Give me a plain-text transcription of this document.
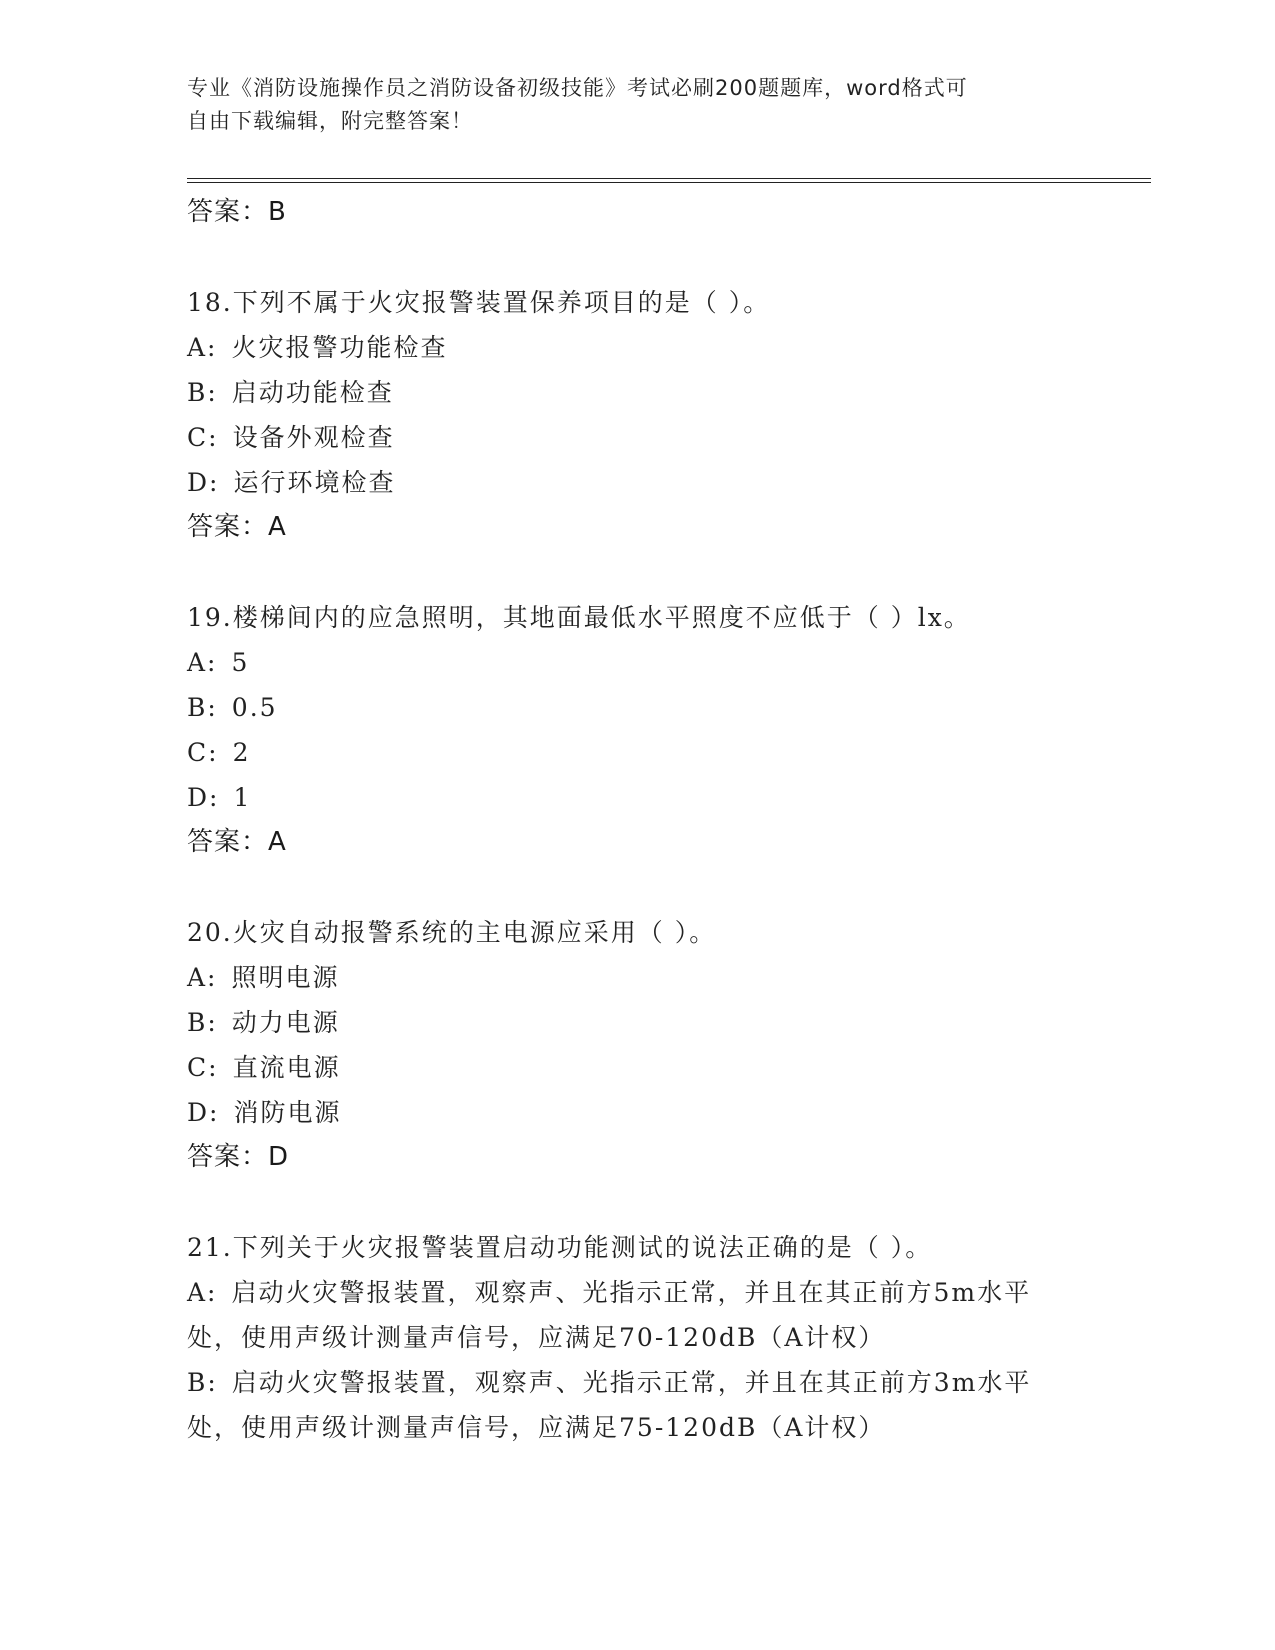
专业《消防设施操作员之消防设备初级技能》考试必刷200题题库，word格式可
自由下载编辑，附完整答案！
答案：B
18.下列不属于火灾报警装置保养项目的是（ ）。
A: 火灾报警功能检查
B: 启动功能检查
C: 设备外观检查
D: 运行环境检查
答案：A
19.楼梯间内的应急照明，其地面最低水平照度不应低于（ ）lx。
A: 5
B: 0.5
C: 2
D: 1
答案：A
20.火灾自动报警系统的主电源应采用（ ）。
A: 照明电源
B: 动力电源
C: 直流电源
D: 消防电源
答案：D
21.下列关于火灾报警装置启动功能测试的说法正确的是（ ）。
A: 启动火灾警报装置，观察声、光指示正常，并且在其正前方5m水平处，使用声级计测量声信号，应满足70-120dB（A计权）
B: 启动火灾警报装置，观察声、光指示正常，并且在其正前方3m水平处，使用声级计测量声信号，应满足75-120dB（A计权）
